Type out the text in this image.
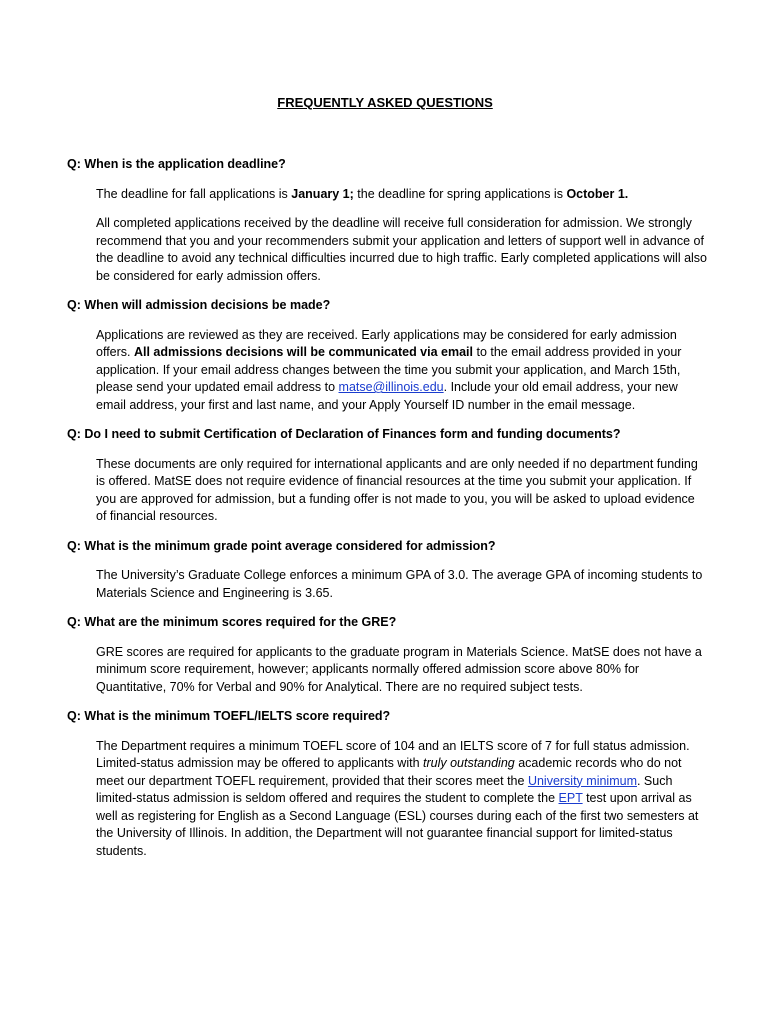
FREQUENTLY ASKED QUESTIONS
Q: When is the application deadline?
The deadline for fall applications is January 1; the deadline for spring applications is October 1.
All completed applications received by the deadline will receive full consideration for admission. We strongly recommend that you and your recommenders submit your application and letters of support well in advance of the deadline to avoid any technical difficulties incurred due to high traffic. Early completed applications will also be considered for early admission offers.
Q: When will admission decisions be made?
Applications are reviewed as they are received. Early applications may be considered for early admission offers. All admissions decisions will be communicated via email to the email address provided in your application. If your email address changes between the time you submit your application, and March 15th, please send your updated email address to matse@illinois.edu. Include your old email address, your new email address, your first and last name, and your Apply Yourself ID number in the email message.
Q: Do I need to submit Certification of Declaration of Finances form and funding documents?
These documents are only required for international applicants and are only needed if no department funding is offered. MatSE does not require evidence of financial resources at the time you submit your application. If you are approved for admission, but a funding offer is not made to you, you will be asked to upload evidence of financial resources.
Q: What is the minimum grade point average considered for admission?
The University’s Graduate College enforces a minimum GPA of 3.0. The average GPA of incoming students to Materials Science and Engineering is 3.65.
Q: What are the minimum scores required for the GRE?
GRE scores are required for applicants to the graduate program in Materials Science. MatSE does not have a minimum score requirement, however; applicants normally offered admission score above 80% for Quantitative, 70% for Verbal and 90% for Analytical. There are no required subject tests.
Q: What is the minimum TOEFL/IELTS score required?
The Department requires a minimum TOEFL score of 104 and an IELTS score of 7 for full status admission. Limited-status admission may be offered to applicants with truly outstanding academic records who do not meet our department TOEFL requirement, provided that their scores meet the University minimum. Such limited-status admission is seldom offered and requires the student to complete the EPT test upon arrival as well as registering for English as a Second Language (ESL) courses during each of the first two semesters at the University of Illinois. In addition, the Department will not guarantee financial support for limited-status students.
